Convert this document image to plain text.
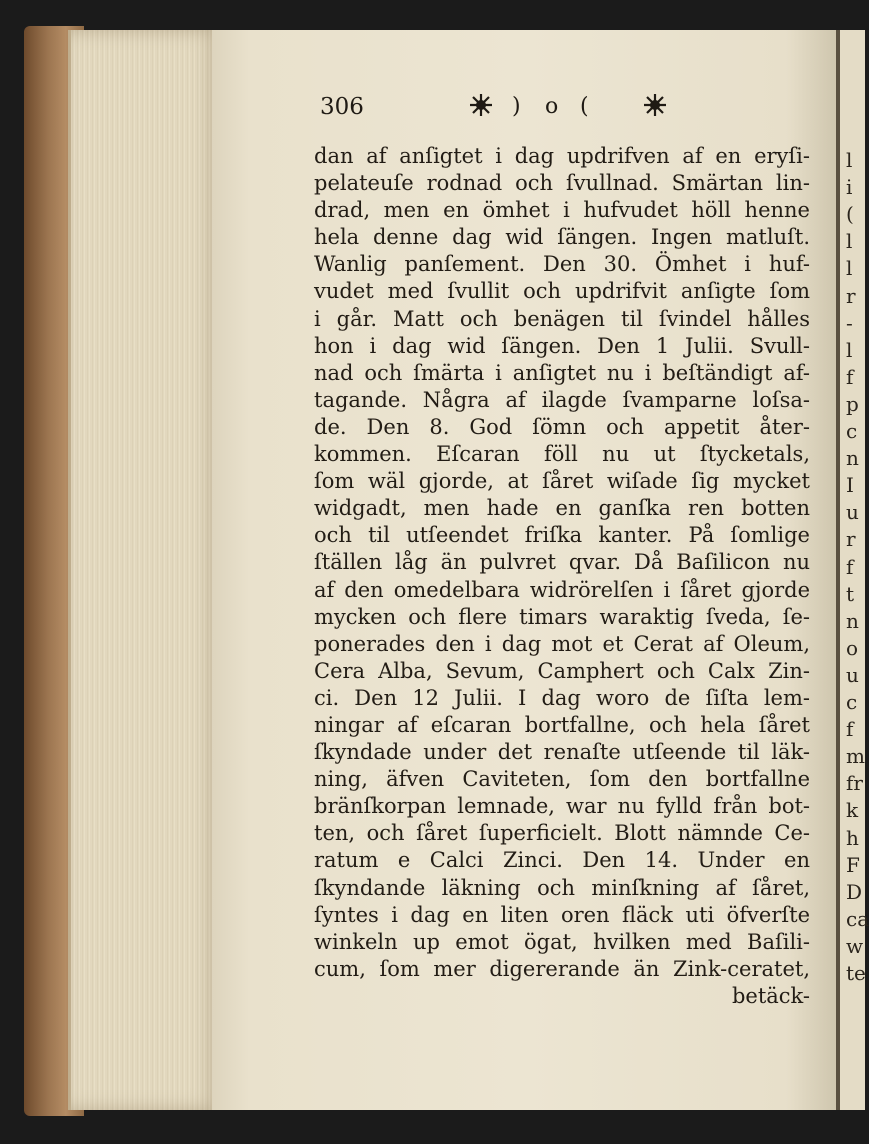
l
i
(
l
l
r
-
l
f
p
c
n
I
u
r
f
t
n
o
u
c
f
m
fr
k
h
F
D
ca
w
te
306	) o (
dan af anſigtet i dag updrifven af en eryſi-
pelateuſe rodnad och ſvullnad. Smärtan lin-
drad, men en ömhet i hufvudet höll henne
hela denne dag wid ſängen. Ingen matluſt.
Wanlig panſement. Den 30. Ömhet i huf-
vudet med ſvullit och updrifvit anſigte ſom
i går. Matt och benägen til ſvindel hålles
hon i dag wid ſängen. Den 1 Julii. Svull-
nad och ſmärta i anſigtet nu i beſtändigt af-
tagande. Några af ilagde ſvamparne loſsa-
de. Den 8. God ſömn och appetit åter-
kommen. Eſcaran föll nu ut ſtycketals,
ſom wäl gjorde, at ſåret wiſade ſig mycket
widgadt, men hade en ganſka ren botten
och til utſeendet friſka kanter. På ſomlige
ſtällen låg än pulvret qvar. Då Baſilicon nu
af den omedelbara widrörelſen i ſåret gjorde
mycken och flere timars waraktig ſveda, ſe-
ponerades den i dag mot et Cerat af Oleum,
Cera Alba, Sevum, Camphert och Calx Zin-
ci. Den 12 Julii. I dag woro de ſiſta lem-
ningar af eſcaran bortfallne, och hela ſåret
ſkyndade under det renaſte utſeende til läk-
ning, äfven Caviteten, ſom den bortfallne
bränſkorpan lemnade, war nu fylld från bot-
ten, och ſåret ſuperficielt. Blott nämnde Ce-
ratum e Calci Zinci. Den 14. Under en
ſkyndande läkning och minſkning af ſåret,
ſyntes i dag en liten oren fläck uti öfverſte
winkeln up emot ögat, hvilken med Baſili-
cum, ſom mer digererande än Zink-ceratet,
betäck-
